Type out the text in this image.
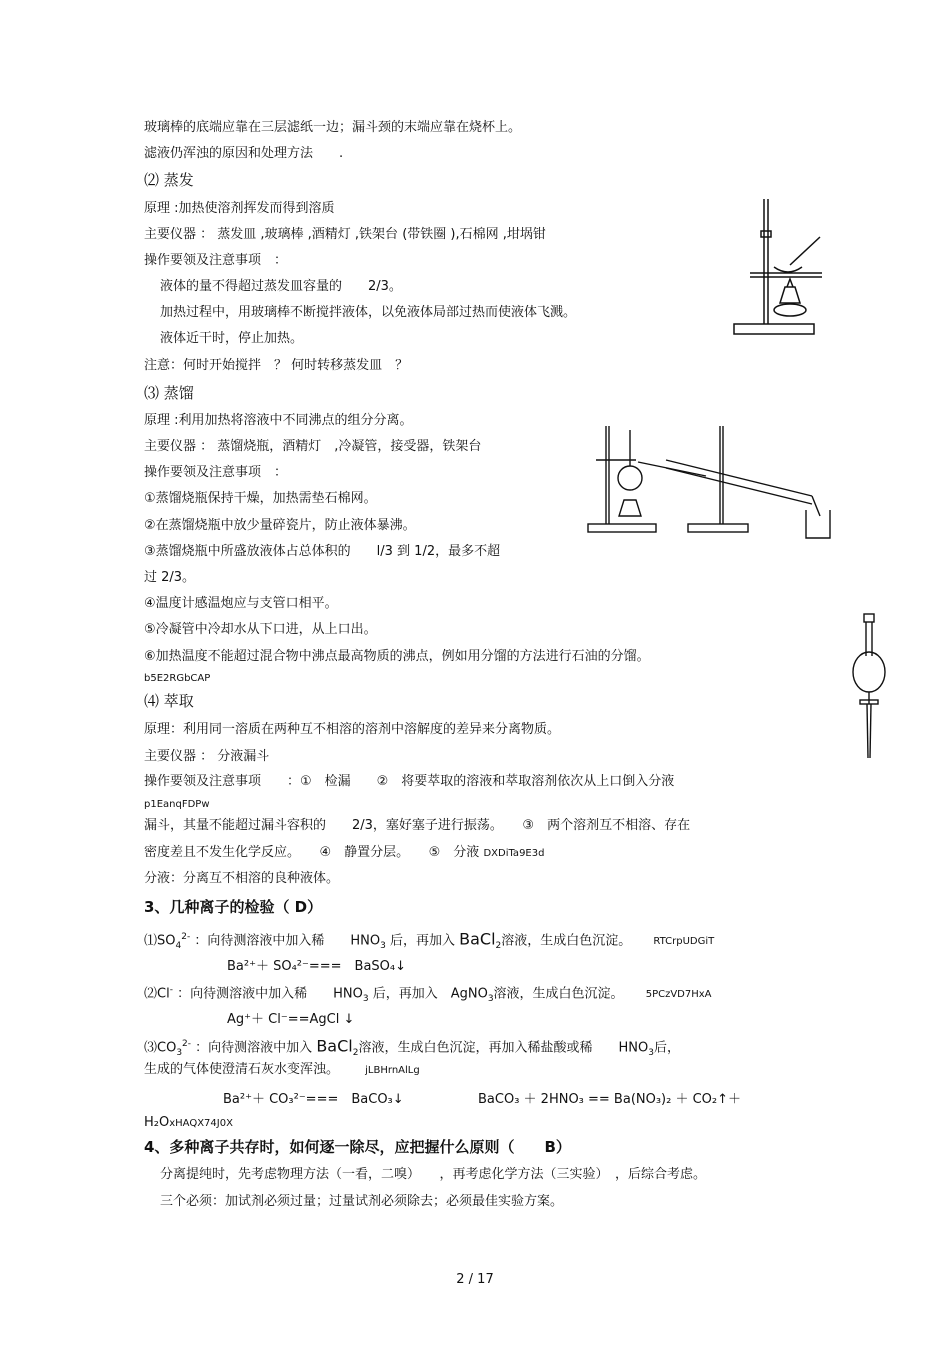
玻璃棒的底端应靠在三层滤纸一边；漏斗颈的末端应靠在烧杯上。
滤液仍浑浊的原因和处理方法　　.
⑵ 蒸发
原理 :加热使溶剂挥发而得到溶质
主要仪器 ： 蒸发皿 ,玻璃棒 ,酒精灯 ,铁架台 (带铁圈 ),石棉网 ,坩埚钳
操作要领及注意事项　：
液体的量不得超过蒸发皿容量的　　2/3。
加热过程中，用玻璃棒不断搅拌液体，以免液体局部过热而使液体飞溅。
液体近干时，停止加热。
注意：何时开始搅拌　？ 何时转移蒸发皿　？
⑶ 蒸馏
原理 :利用加热将溶液中不同沸点的组分分离。
主要仪器 ： 蒸馏烧瓶，酒精灯　,冷凝管，接受器，铁架台
操作要领及注意事项　：
①蒸馏烧瓶保持干燥，加热需垫石棉网。
②在蒸馏烧瓶中放少量碎瓷片，防止液体暴沸。
③蒸馏烧瓶中所盛放液体占总体积的　　l/3 到 1/2，最多不超
过 2/3。
④温度计感温炮应与支管口相平。
⑤冷凝管中冷却水从下口进，从上口出。
⑥加热温度不能超过混合物中沸点最高物质的沸点，例如用分馏的方法进行石油的分馏。
b5E2RGbCAP
⑷ 萃取
原理：利用同一溶质在两种互不相溶的溶剂中溶解度的差异来分离物质。
主要仪器 ： 分液漏斗
操作要领及注意事项　　：①　检漏　　②　将要萃取的溶液和萃取溶剂依次从上口倒入分液
p1EanqFDPw
漏斗，其量不能超过漏斗容积的　　2/3，塞好塞子进行振荡。　　③　两个溶剂互不相溶、存在
密度差且不发生化学反应。　　④　静置分层。　　⑤　分液 DXDiTa9E3d
分液：分离互不相溶的良种液体。
3、几种离子的检验（ D）
$⑴SO_4^{2-}$ ：向待测溶液中加入稀　　$HNO_3$ 后，再加入 BaCl$_2$溶液，生成白色沉淀。 RTCrpUDGiT
Ba²⁺＋ SO₄²⁻===　BaSO₄↓
⑵Cl- ：向待测溶液中加入稀　　$HNO_3$ 后，再加入　AgNO$_3$溶液，生成白色沉淀。 5PCzVD7HxA
Ag⁺＋ Cl⁻==AgCl ↓
$⑶CO_3^{2-}$ ：向待测溶液中加入 BaCl$_2$溶液，生成白色沉淀，再加入稀盐酸或稀　　$HNO_3$后，
生成的气体使澄清石灰水变浑浊。	jLBHrnAlLg
Ba²⁺＋ CO₃²⁻===　BaCO₃↓	BaCO₃ ＋ 2HNO₃ == Ba(NO₃)₂ ＋ CO₂↑＋
H₂OxHAQX74J0X
4、多种离子共存时，如何逐一除尽，应把握什么原则（　　B）
分离提纯时，先考虑物理方法（一看，二嗅）　　，再考虑化学方法（三实验）　，后综合考虑。
三个必须：加试剂必须过量；过量试剂必须除去；必须最佳实验方案。
2 / 17
